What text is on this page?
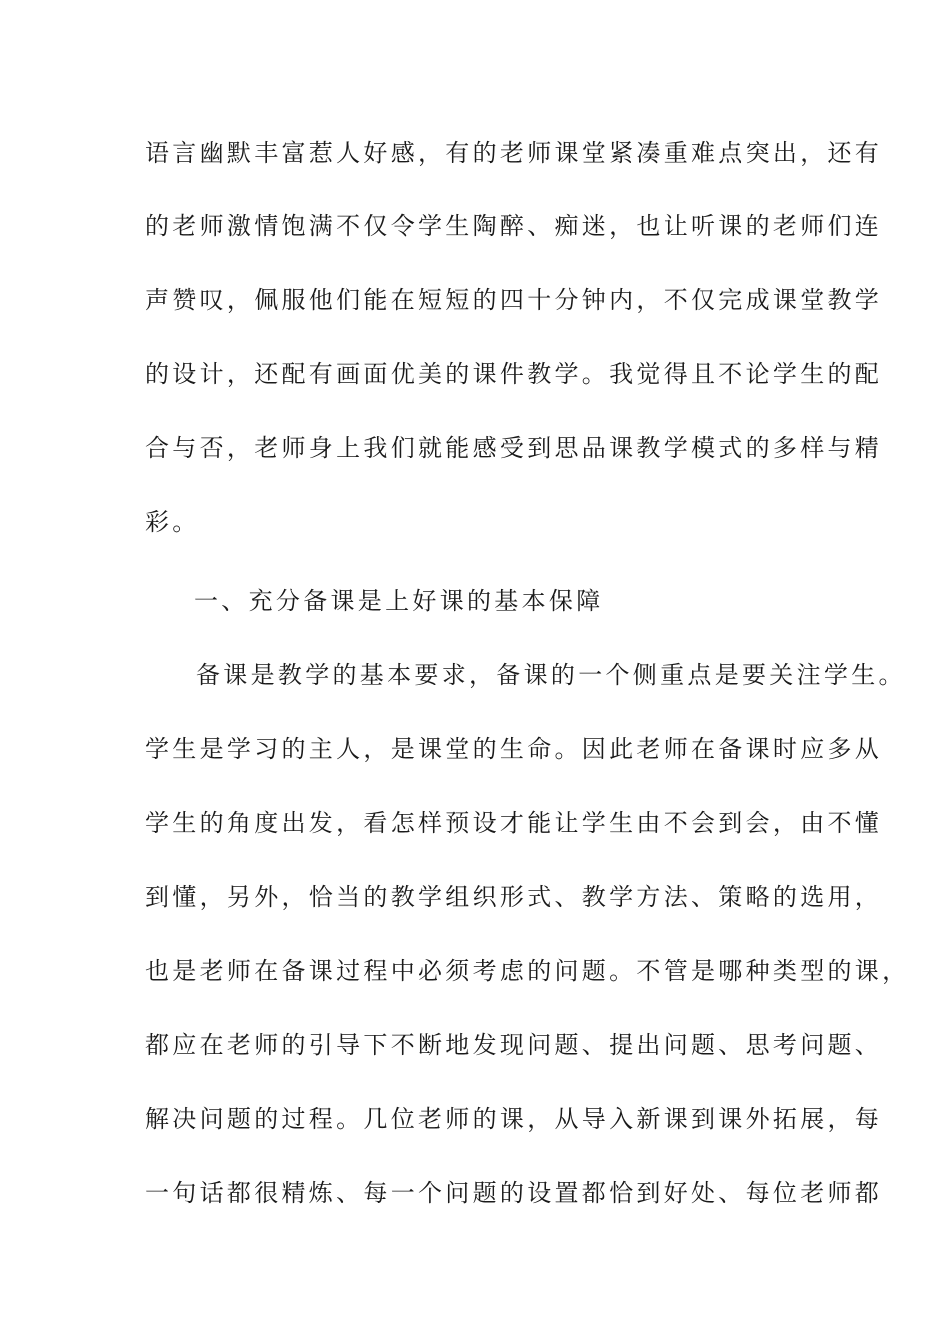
语言幽默丰富惹人好感，有的老师课堂紧凑重难点突出，还有
的老师激情饱满不仅令学生陶醉、痴迷，也让听课的老师们连
声赞叹，佩服他们能在短短的四十分钟内，不仅完成课堂教学
的设计，还配有画面优美的课件教学。我觉得且不论学生的配
合与否，老师身上我们就能感受到思品课教学模式的多样与精
彩。
一、充分备课是上好课的基本保障
备课是教学的基本要求，备课的一个侧重点是要关注学生。
学生是学习的主人，是课堂的生命。因此老师在备课时应多从
学生的角度出发，看怎样预设才能让学生由不会到会，由不懂
到懂，另外，恰当的教学组织形式、教学方法、策略的选用，
也是老师在备课过程中必须考虑的问题。不管是哪种类型的课，
都应在老师的引导下不断地发现问题、提出问题、思考问题、
解决问题的过程。几位老师的课，从导入新课到课外拓展，每
一句话都很精炼、每一个问题的设置都恰到好处、每位老师都
